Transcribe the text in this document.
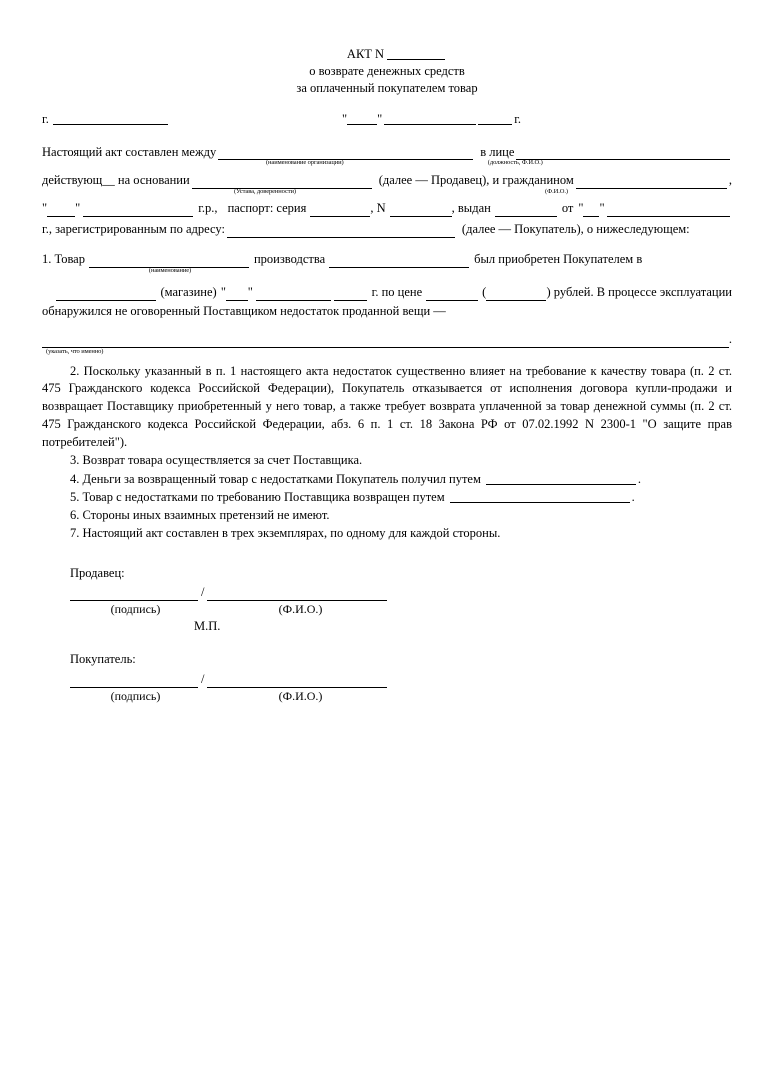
АКТ N
о возврате денежных средств
за оплаченный покупателем товар
г.	" "	г.
Настоящий акт составлен между	в лице
(наименование организации)	(должность, Ф.И.О.)
действующ__ на основании	(далее — Продавец), и гражданином	,
(Устава, доверенности)	(Ф.И.О.)
" "	г.р., паспорт: серия	, N	, выдан	от " "
г., зарегистрированным по адресу:	(далее — Покупатель), о нижеследующем:
1. Товар	производства	был приобретен Покупателем в
(наименование)
(магазине) " "	г. по цене	(	) рублей. В процессе эксплуатации
обнаружился не оговоренный Поставщиком недостаток проданной вещи —
.
(указать, что именно)
2. Поскольку указанный в п. 1 настоящего акта недостаток существенно влияет на требование к качеству товара (п. 2 ст. 475 Гражданского кодекса Российской Федерации), Покупатель отказывается от исполнения договора купли-продажи и возвращает Поставщику приобретенный у него товар, а также требует возврата уплаченной за товар денежной суммы (п. 2 ст. 475 Гражданского кодекса Российской Федерации, абз. 6 п. 1 ст. 18 Закона РФ от 07.02.1992 N 2300-1 "О защите прав потребителей").
3. Возврат товара осуществляется за счет Поставщика.
4. Деньги за возвращенный товар с недостатками Покупатель получил путем	.
5. Товар с недостатками по требованию Поставщика возвращен путем	.
6. Стороны иных взаимных претензий не имеют.
7. Настоящий акт составлен в трех экземплярах, по одному для каждой стороны.
Продавец:
/
(подпись)	(Ф.И.О.)
М.П.
Покупатель:
/
(подпись)	(Ф.И.О.)
